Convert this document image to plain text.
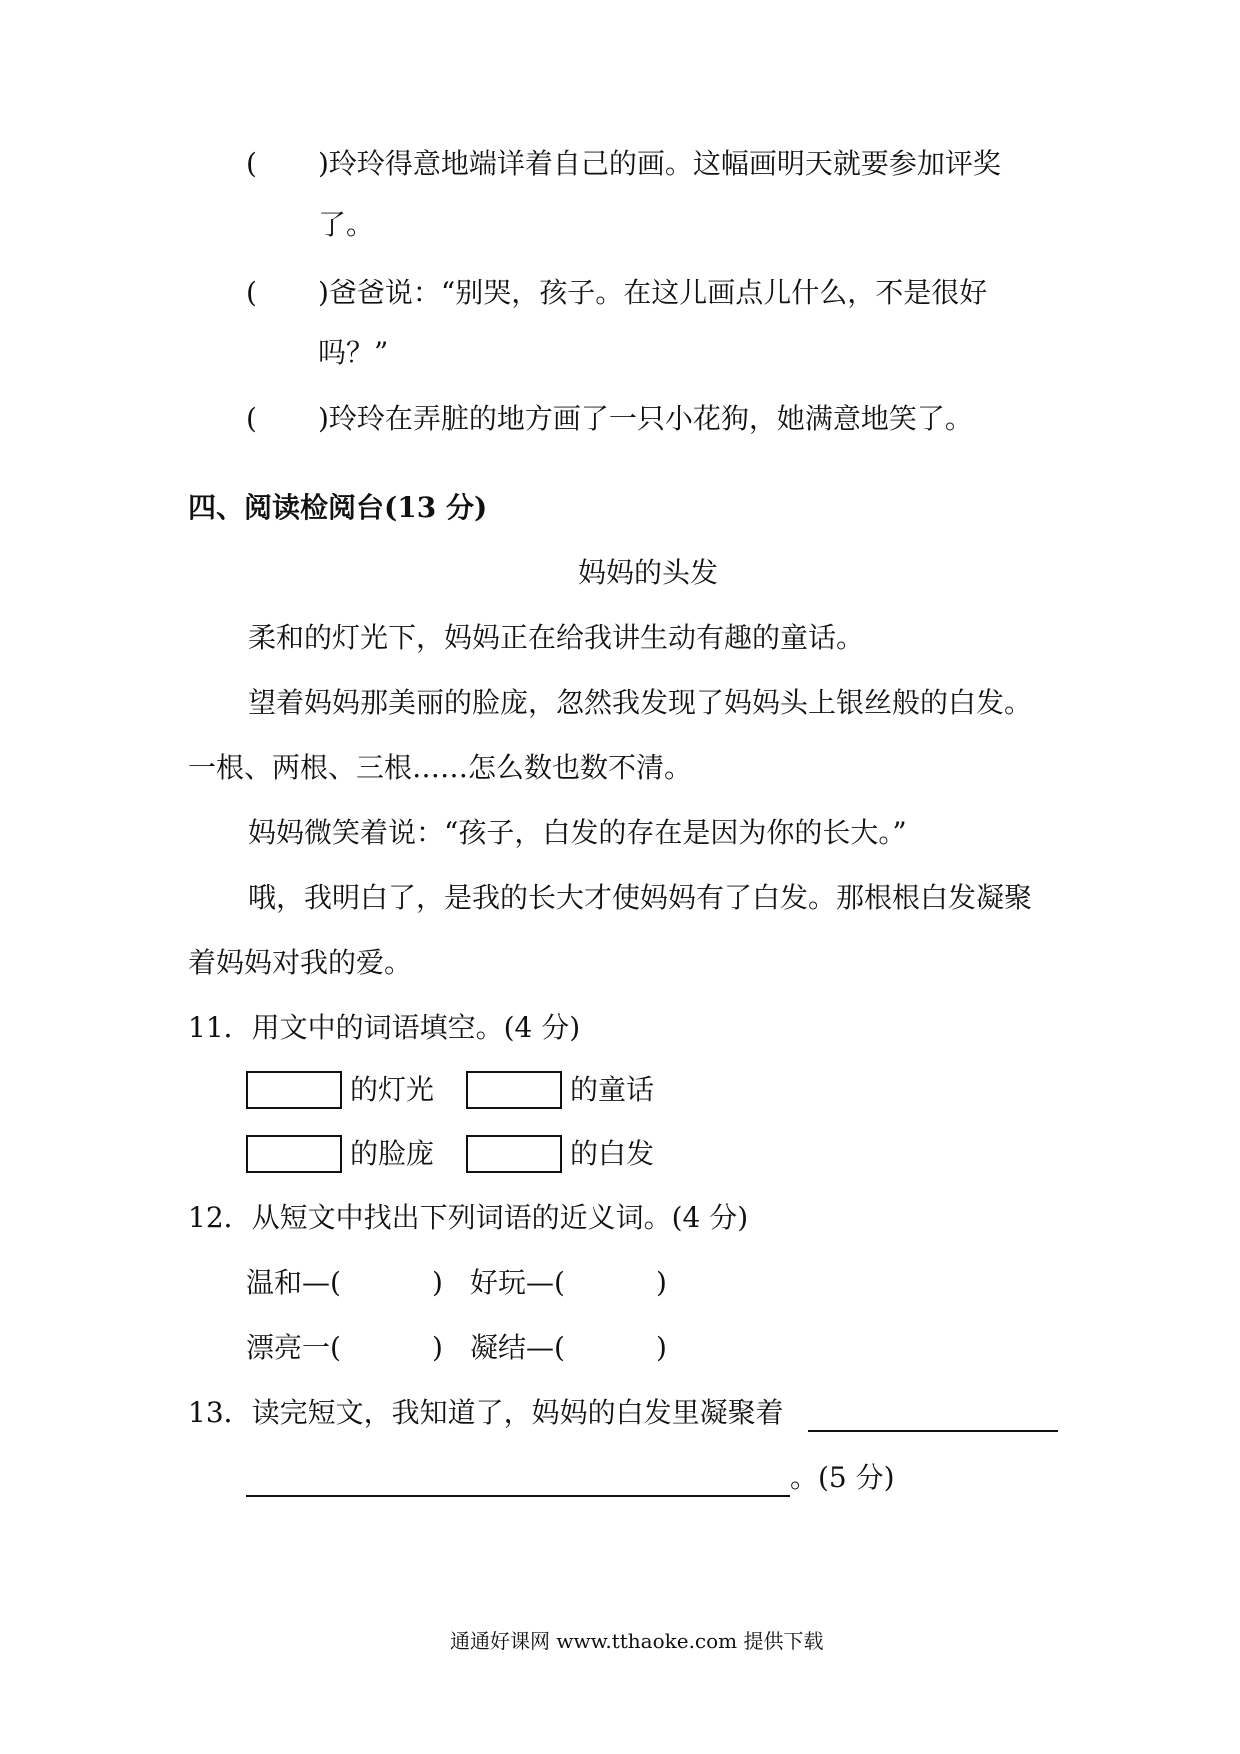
( )玲玲得意地端详着自己的画。这幅画明天就要参加评奖
了。
( )爸爸说：“别哭，孩子。在这儿画点儿什么，不是很好
吗？”
( )玲玲在弄脏的地方画了一只小花狗，她满意地笑了。
四、阅读检阅台(13 分)
妈妈的头发
柔和的灯光下，妈妈正在给我讲生动有趣的童话。
望着妈妈那美丽的脸庞，忽然我发现了妈妈头上银丝般的白发。
一根、两根、三根……怎么数也数不清。
妈妈微笑着说：“孩子，白发的存在是因为你的长大。”
哦，我明白了，是我的长大才使妈妈有了白发。那根根白发凝聚
着妈妈对我的爱。
11．用文中的词语填空。(4 分)
的灯光	的童话
的脸庞	的白发
12．从短文中找出下列词语的近义词。(4 分)
温和—(	) 好玩—(	)
漂亮一(	) 凝结—(	)
13．读完短文，我知道了，妈妈的白发里凝聚着
。(5 分)
通通好课网 www.tthaoke.com 提供下载
